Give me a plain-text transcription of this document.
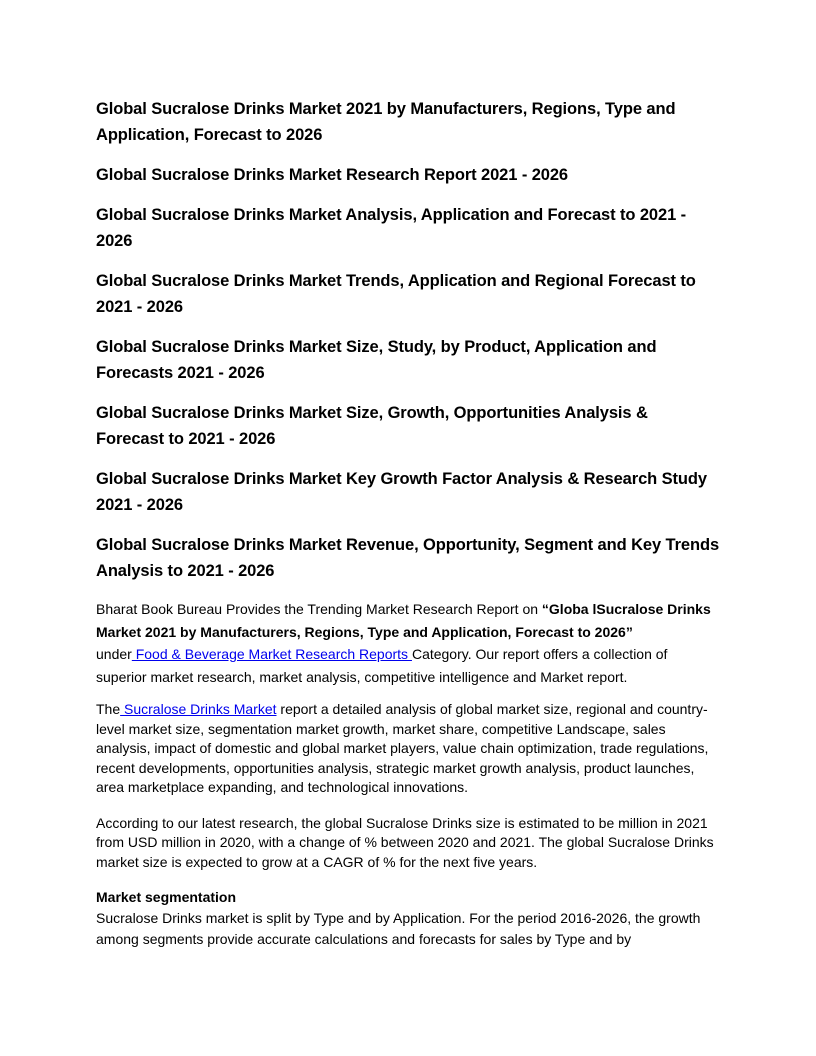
Global Sucralose Drinks Market 2021 by Manufacturers, Regions, Type and Application, Forecast to 2026
Global Sucralose Drinks Market Research Report 2021 - 2026
Global Sucralose Drinks Market Analysis, Application and Forecast to 2021 - 2026
Global Sucralose Drinks Market Trends, Application and Regional Forecast to 2021 - 2026
Global Sucralose Drinks Market Size, Study, by Product, Application and Forecasts 2021 - 2026
Global Sucralose Drinks Market Size, Growth, Opportunities Analysis & Forecast to 2021 - 2026
Global Sucralose Drinks Market Key Growth Factor Analysis & Research Study 2021 - 2026
Global Sucralose Drinks Market Revenue, Opportunity, Segment and Key Trends Analysis to 2021 - 2026

Bharat Book Bureau Provides the Trending Market Research Report on “Globa lSucralose Drinks Market 2021 by Manufacturers, Regions, Type and Application, Forecast to 2026”
under Food & Beverage Market Research Reports Category. Our report offers a collection of superior market research, market analysis, competitive intelligence and Market report.

The Sucralose Drinks Market report a detailed analysis of global market size, regional and country-level market size, segmentation market growth, market share, competitive Landscape, sales analysis, impact of domestic and global market players, value chain optimization, trade regulations, recent developments, opportunities analysis, strategic market growth analysis, product launches, area marketplace expanding, and technological innovations.

According to our latest research, the global Sucralose Drinks size is estimated to be million in 2021 from USD million in 2020, with a change of % between 2020 and 2021. The global Sucralose Drinks market size is expected to grow at a CAGR of % for the next five years.

Market segmentation

Sucralose Drinks market is split by Type and by Application. For the period 2016-2026, the growth among segments provide accurate calculations and forecasts for sales by Type and by
